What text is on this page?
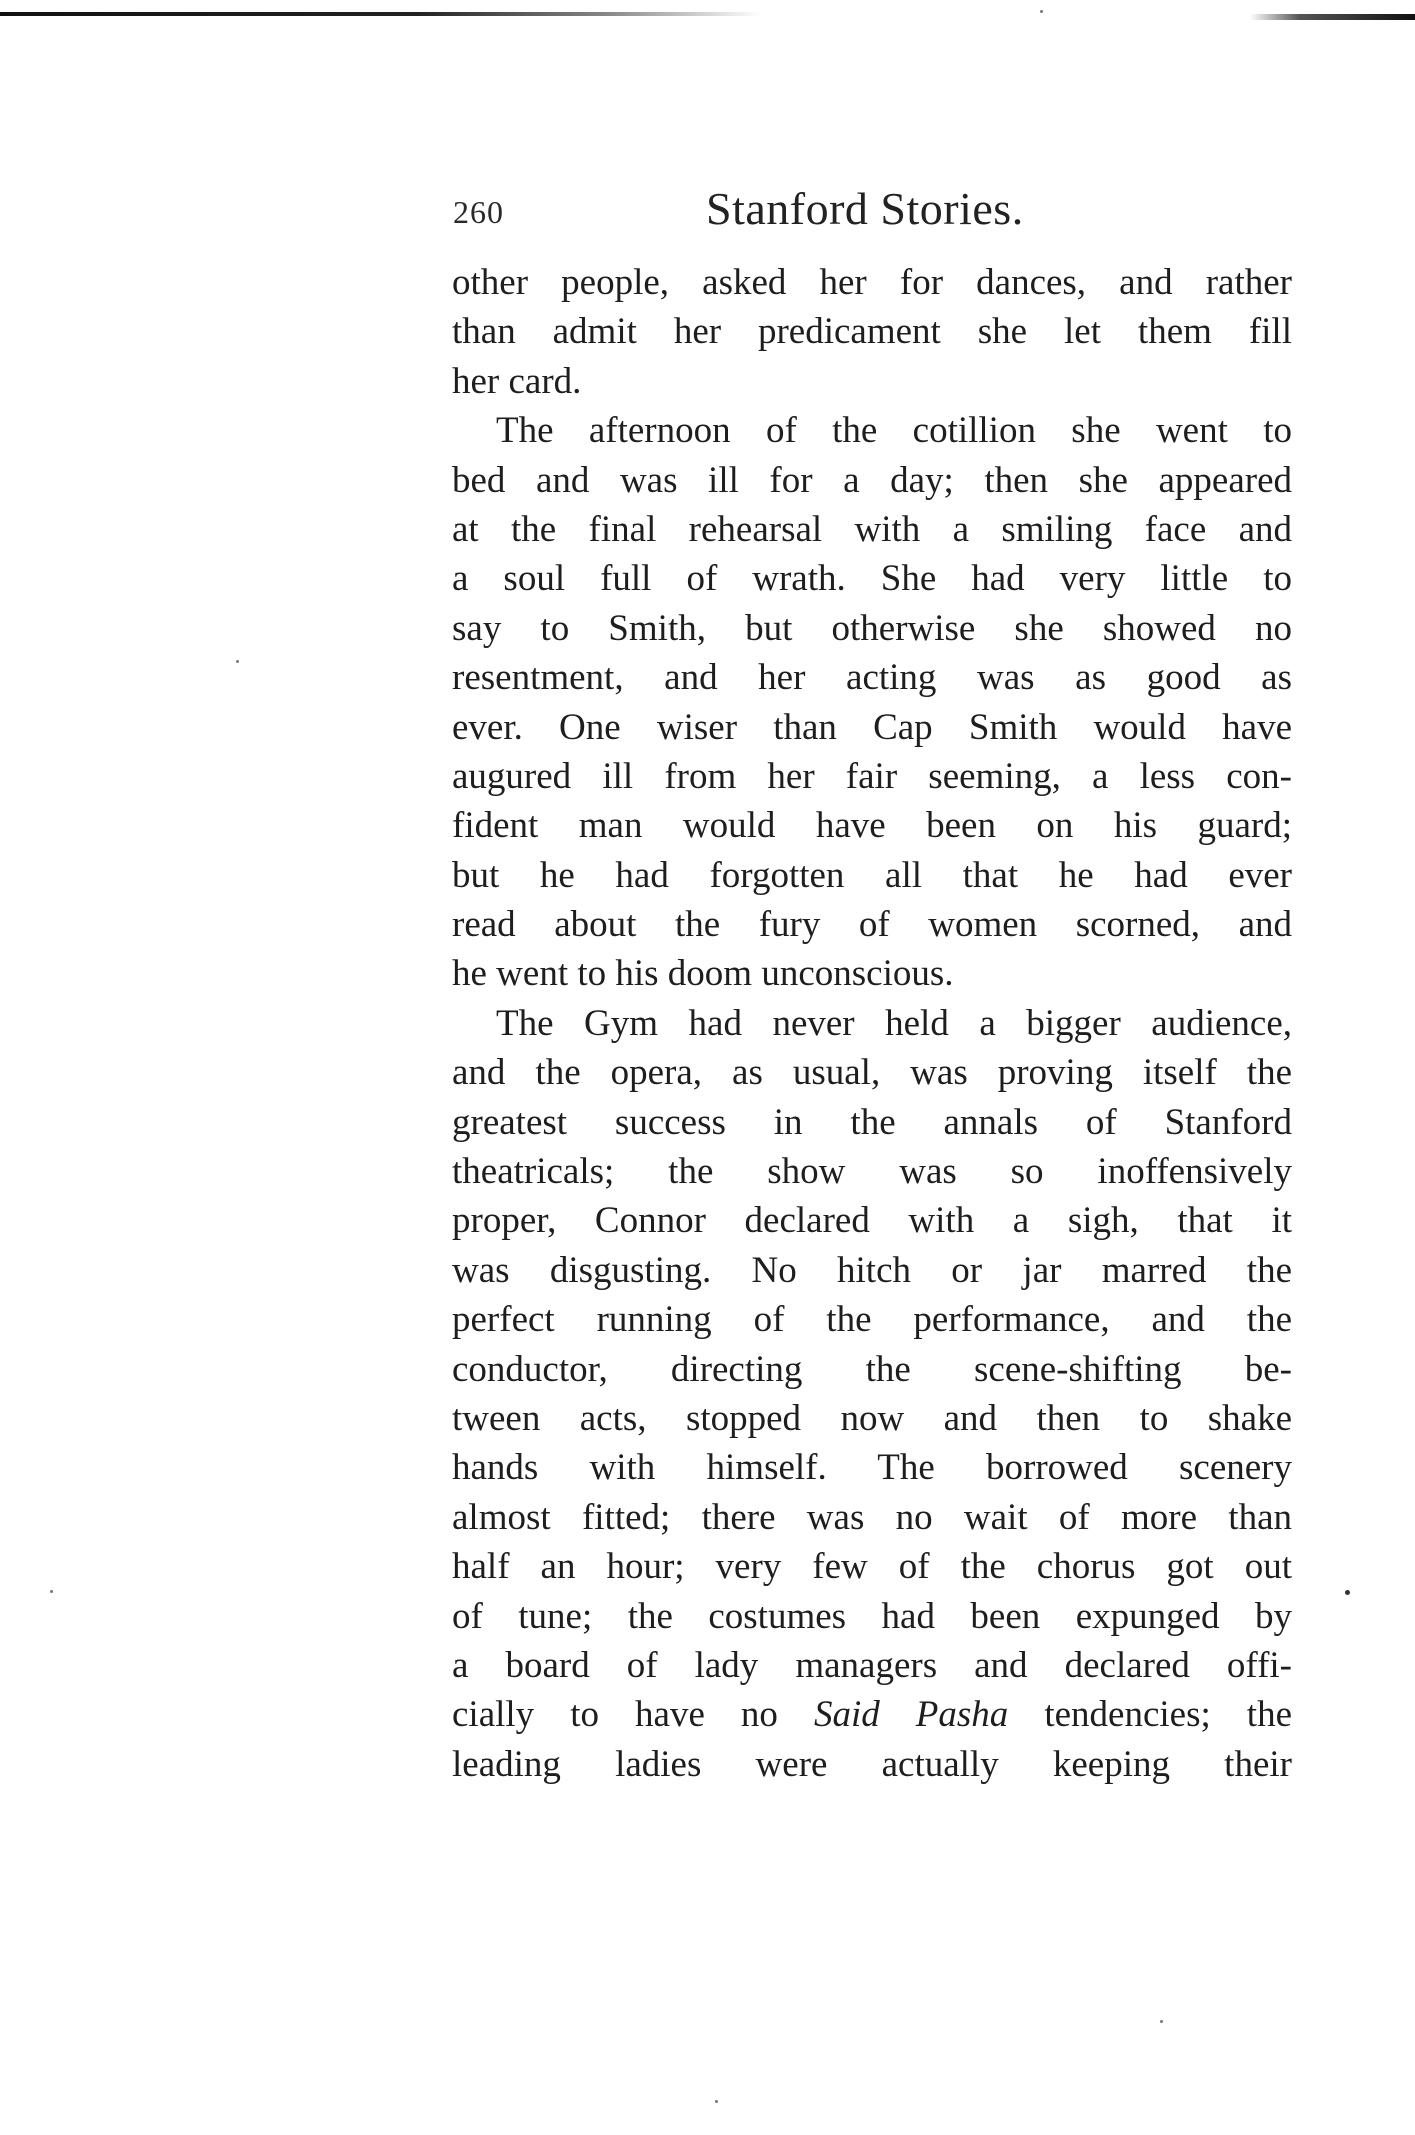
260	Stanford Stories.
other people, asked her for dances, and rather
than admit her predicament she let them fill
her card.
The afternoon of the cotillion she went to
bed and was ill for a day; then she appeared
at the final rehearsal with a smiling face and
a soul full of wrath. She had very little to
say to Smith, but otherwise she showed no
resentment, and her acting was as good as
ever. One wiser than Cap Smith would have
augured ill from her fair seeming, a less con-
fident man would have been on his guard;
but he had forgotten all that he had ever
read about the fury of women scorned, and
he went to his doom unconscious.
The Gym had never held a bigger audience,
and the opera, as usual, was proving itself the
greatest success in the annals of Stanford
theatricals; the show was so inoffensively
proper, Connor declared with a sigh, that it
was disgusting. No hitch or jar marred the
perfect running of the performance, and the
conductor, directing the scene-shifting be-
tween acts, stopped now and then to shake
hands with himself. The borrowed scenery
almost fitted; there was no wait of more than
half an hour; very few of the chorus got out
of tune; the costumes had been expunged by
a board of lady managers and declared offi-
cially to have no Said Pasha tendencies; the
leading ladies were actually keeping their
